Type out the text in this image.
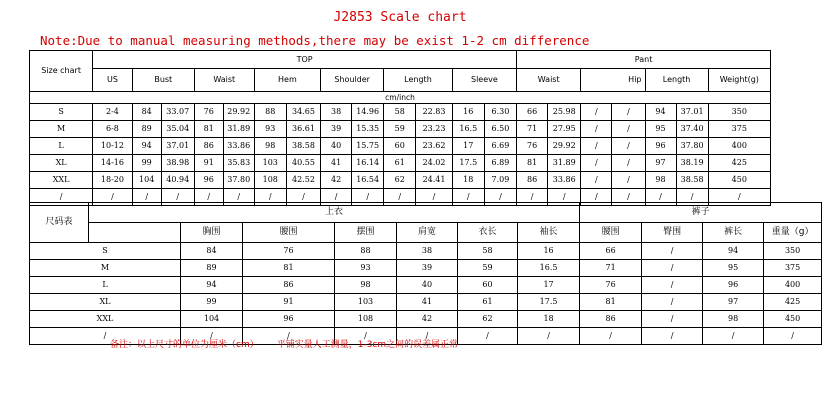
J2853 Scale chart
Note:Due to manual measuring methods,there may be exist 1-2 cm difference
Size chart	TOP													Pant						
	US	Bust		Waist		Hem		Shoulder		Length		Sleeve		Waist		Hip		Length		Weight(g)
cm/inch																				
S	2-4	84	33.07	76	29.92	88	34.65	38	14.96	58	22.83	16	6.30	66	25.98	/	/	94	37.01	350
M	6-8	89	35.04	81	31.89	93	36.61	39	15.35	59	23.23	16.5	6.50	71	27.95	/	/	95	37.40	375
L	10-12	94	37.01	86	33.86	98	38.58	40	15.75	60	23.62	17	6.69	76	29.92	/	/	96	37.80	400
XL	14-16	99	38.98	91	35.83	103	40.55	41	16.14	61	24.02	17.5	6.89	81	31.89	/	/	97	38.19	425
XXL	18-20	104	40.94	96	37.80	108	42.52	42	16.54	62	24.41	18	7.09	86	33.86	/	/	98	38.58	450
/	/	/	/	/	/	/	/	/	/	/	/	/	/	/	/	/	/	/	/	/
尺码表	上衣							裤子			
		胸围	腰围	摆围	肩宽	衣长	袖长	腰围	臀围	裤长	重量（g）
S		84	76	88	38	58	16	66	/	94	350
M		89	81	93	39	59	16.5	71	/	95	375
L		94	86	98	40	60	17	76	/	96	400
XL		99	91	103	41	61	17.5	81	/	97	425
XXL		104	96	108	42	62	18	86	/	98	450
/		/	/	/	/	/	/	/	/	/	/
备注：以上尺寸的单位为厘米（cm） 平铺实量人工测量，1-3cm之间的误差属正常
